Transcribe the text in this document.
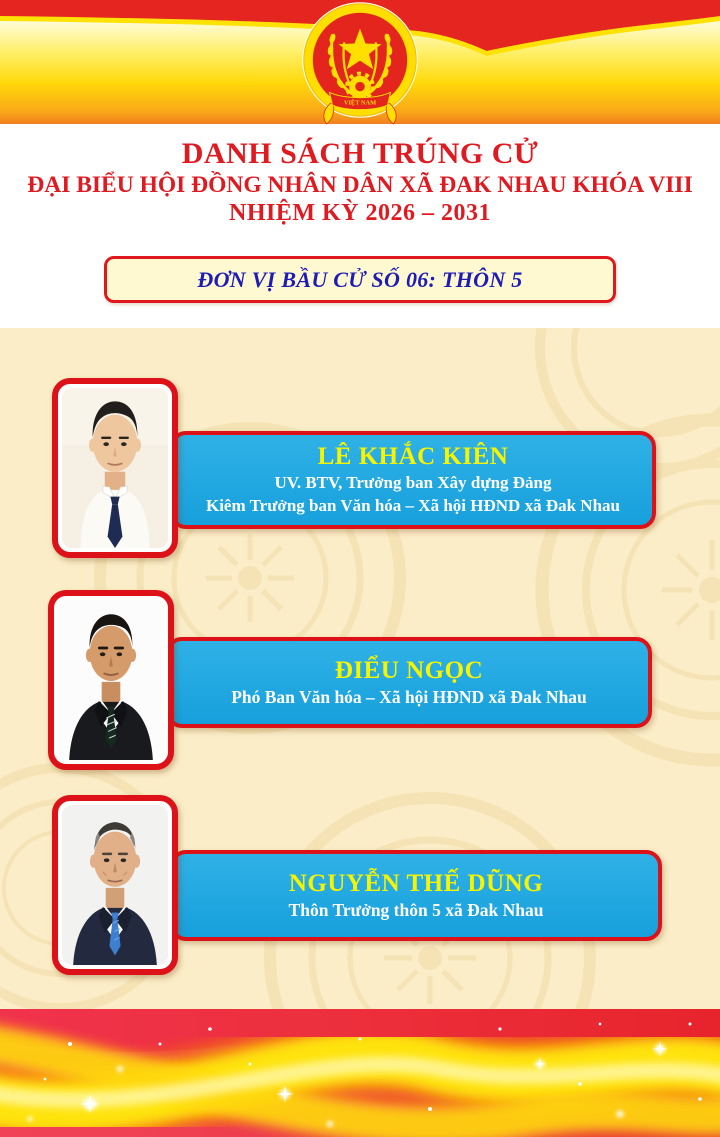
VIỆT NAM
DANH SÁCH TRÚNG CỬ
ĐẠI BIỂU HỘI ĐỒNG NHÂN DÂN XÃ ĐAK NHAU KHÓA VIII
NHIỆM KỲ 2026 – 2031
ĐƠN VỊ BẦU CỬ SỐ 06: THÔN 5
LÊ KHẮC KIÊN
UV. BTV, Trưởng ban Xây dựng Đảng
Kiêm Trưởng ban Văn hóa – Xã hội HĐND xã Đak Nhau
ĐIỂU NGỌC
Phó Ban Văn hóa – Xã hội HĐND xã Đak Nhau
NGUYỄN THẾ DŨNG
Thôn Trưởng thôn 5 xã Đak Nhau
